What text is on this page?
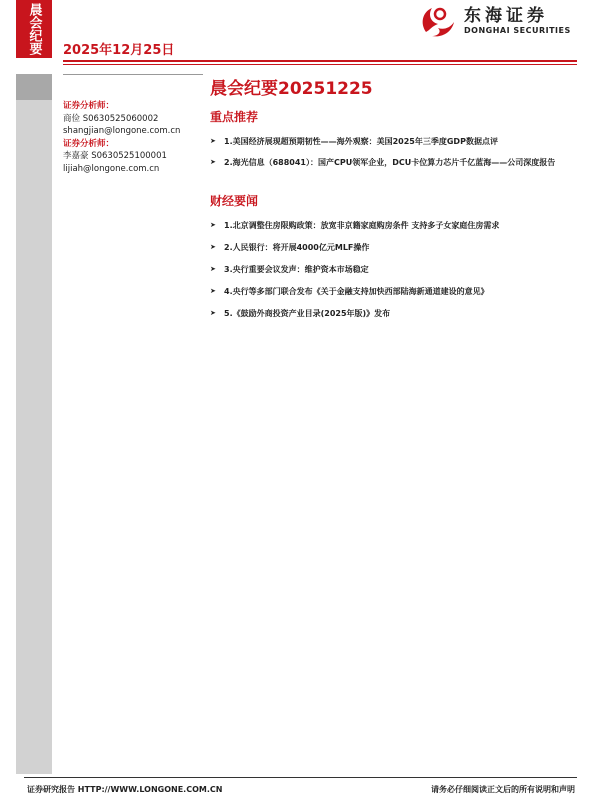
晨会纪要 2025年12月25日
东海证券
DONGHAI SECURITIES
证券分析师：
商俭 S0630525060002
shangjian@longone.com.cn
证券分析师：
李嘉豪 S0630525100001
lijiah@longone.com.cn
晨会纪要20251225
重点推荐
➤	1.美国经济展现超预期韧性——海外观察：美国2025年三季度GDP数据点评
➤	2.海光信息（688041）：国产CPU领军企业，DCU卡位算力芯片千亿蓝海——公司深度报告
财经要闻
➤	1.北京调整住房限购政策：放宽非京籍家庭购房条件 支持多子女家庭住房需求
➤	2.人民银行：将开展4000亿元MLF操作
➤	3.央行重要会议发声：维护资本市场稳定
➤	4.央行等多部门联合发布《关于金融支持加快西部陆海新通道建设的意见》
➤	5.《鼓励外商投资产业目录(2025年版)》发布
证券研究报告 HTTP://WWW.LONGONE.COM.CN	请务必仔细阅读正文后的所有说明和声明
